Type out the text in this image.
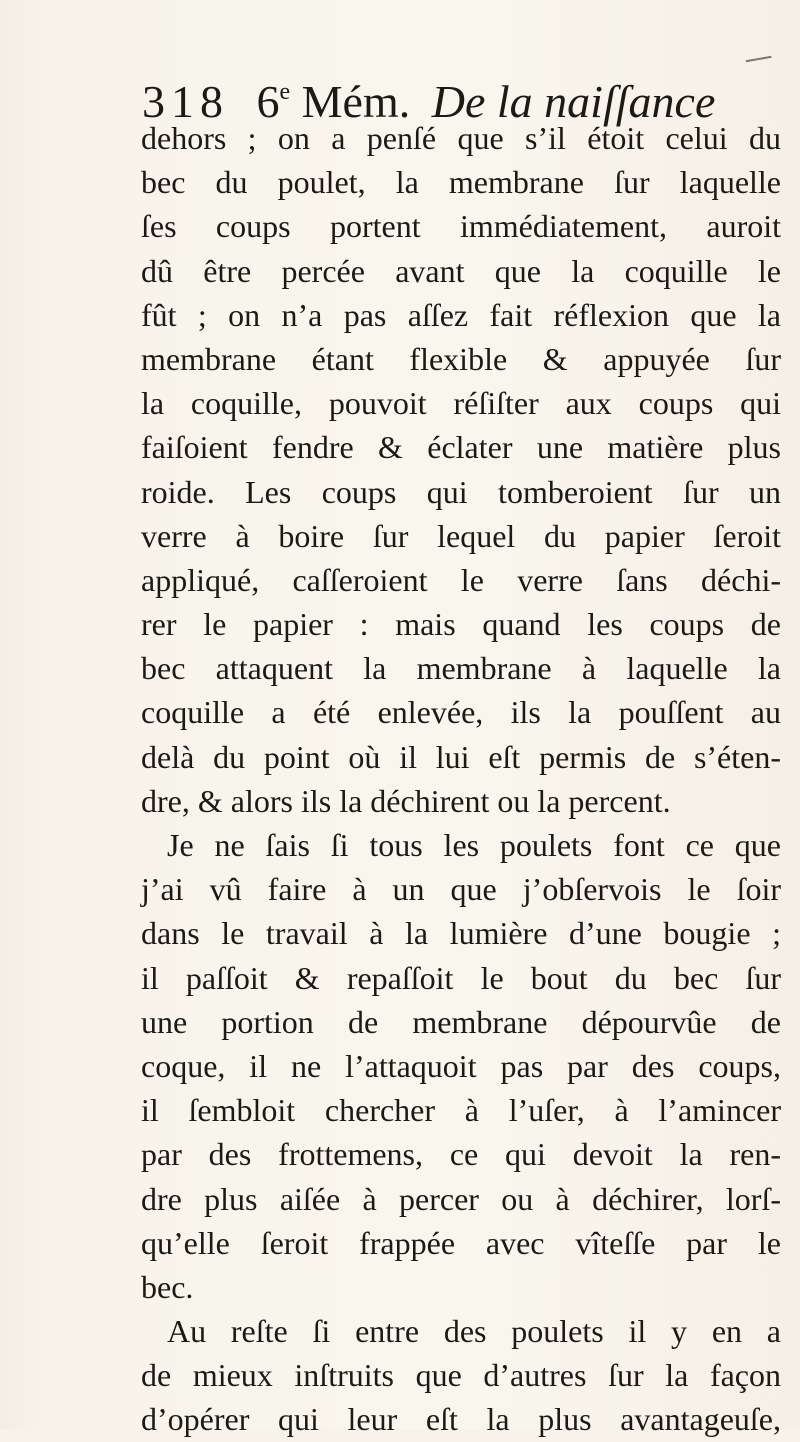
318 6e Mém. De la naiſſance
dehors ; on a penſé que s’il étoit celui du
bec du poulet, la membrane ſur laquelle
ſes coups portent immédiatement, auroit
dû être percée avant que la coquille le
fût ; on n’a pas aſſez fait réflexion que la
membrane étant flexible & appuyée ſur
la coquille, pouvoit réſiſter aux coups qui
faiſoient fendre & éclater une matière plus
roide. Les coups qui tomberoient ſur un
verre à boire ſur lequel du papier ſeroit
appliqué, caſſeroient le verre ſans déchi-
rer le papier : mais quand les coups de
bec attaquent la membrane à laquelle la
coquille a été enlevée, ils la pouſſent au
delà du point où il lui eſt permis de s’éten-
dre, & alors ils la déchirent ou la percent.
Je ne ſais ſi tous les poulets font ce que
j’ai vû faire à un que j’obſervois le ſoir
dans le travail à la lumière d’une bougie ;
il paſſoit & repaſſoit le bout du bec ſur
une portion de membrane dépourvûe de
coque, il ne l’attaquoit pas par des coups,
il ſembloit chercher à l’uſer, à l’amincer
par des frottemens, ce qui devoit la ren-
dre plus aiſée à percer ou à déchirer, lorſ-
qu’elle ſeroit frappée avec vîteſſe par le
bec.
Au reſte ſi entre des poulets il y en a
de mieux inſtruits que d’autres ſur la façon
d’opérer qui leur eſt la plus avantageuſe,
